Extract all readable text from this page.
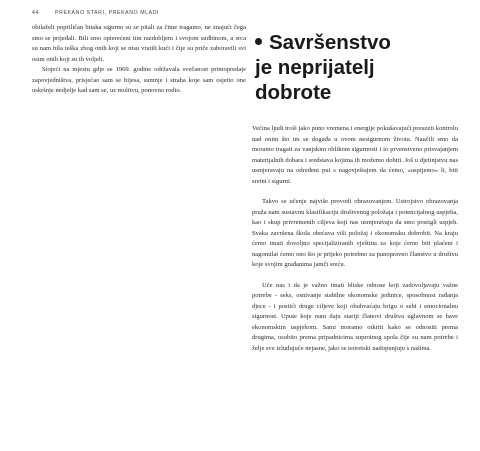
44	PREKANO STARI, PREKANO MLADI

obilaželi popriličan bitaka sigurno su se pitali za čime tragamo, ne znajući čega smo se prijeđali. Bili smo opterećeni tim razdobljem i svojom sudbinom, a srca su nam bila teška zbog onih koji se nisu vratili kući i čije su priče zaboravili svi osim onih koji su ih voljeli.

Stojeći na mjestu gdje se 1969. godine održavala svečanost primopredaje zapovjedništva, prisjećao sam se bijesa, sumnje i straha koje sam osjetio one uskršnje nedjelje kad sam se, uz molitvu, ponovno rodio.

Savršenstvo
je neprijatelj
dobrote

Većina ljudi troši jako puno vremena i energije pokušavajući preuzeti kontrolu nad onim što im se događa u ovom nesigurnom životu. Naučili smo da moramo tragati za vanjskim oblikom sigurnosti i to prvenstveno prisvajanjem materijalnih dobara i sredstava kojima ih možemo dobiti. Još u djetinjstvu nas usmjeravaju na određeni put s nagovještajem da ćemo, »uspijemo« li, biti sretni i sigurni.

Takvo se učenje najviše provodi obrazovanjem. Ustrojstvo obrazovanja pruža nam sustavnu klasifikaciju društvenog položaja i potencijalnog uspjeha, kao i skup privremenih ciljeva koji nas usmjeravaju da smo postigli uspjeh. Svaka završena škola obećava viši položaj i ekonomsku dobrobit. Na kraju ćemo imati dovoljno specijaliziranih vještina za koje ćemo biti plaćeni i nagomilat ćemo ono što je prijeko potrebno za punopravno članstvo u društvu koje svojim građanima jamči sreću.

Uče nas i da je važno imati bliske odnose koji zadovoljavaju važne potrebe - seks, osnivanje stabilne ekonomske jedinice, sposobnost rađanja djece - i postići druge ciljeve koji obuhvaćaju brigu o sebi i emocionalnu sigurnost. Upute koje nam daju stariji članovi društva uglavnom se bave ekonomskim uspjehom. Sami moramo otkriti kako se odnositi prema drugima, osobito prema pripadnicima suprotnog spola čije su nam potrebe i želje sve izluđujuće nejasne, jako se teoretski nadopunjuju s našima.
